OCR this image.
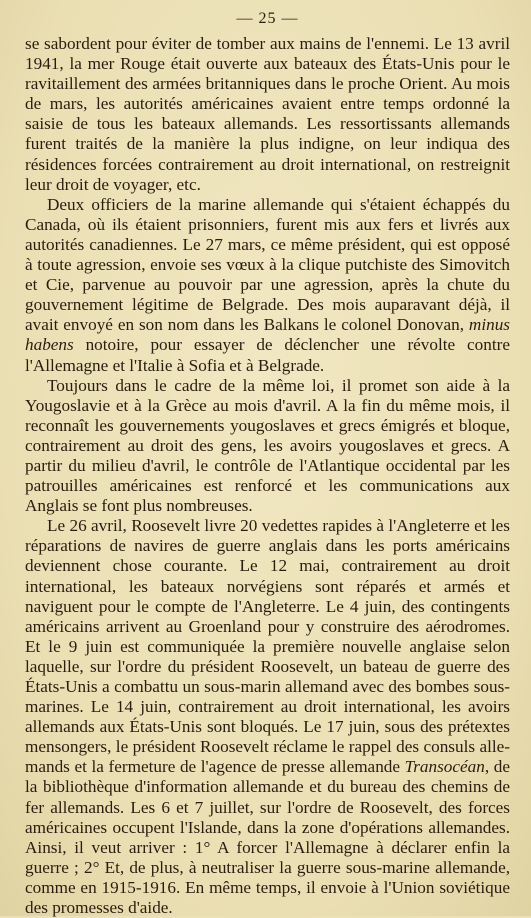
— 25 —

se sabordent pour éviter de tomber aux mains de l'ennemi. Le 13 avril 1941, la mer Rouge était ouverte aux bateaux des États-Unis pour le ravitaillement des armées britanniques dans le proche Orient. Au mois de mars, les autorités américaines avaient entre temps ordonné la saisie de tous les bateaux allemands. Les ressortissants allemands furent traités de la manière la plus indigne, on leur indiqua des résidences forcées contrairement au droit international, on restreignit leur droit de voyager, etc.

Deux officiers de la marine allemande qui s'étaient échappés du Canada, où ils étaient prisonniers, furent mis aux fers et livrés aux autorités canadiennes. Le 27 mars, ce même président, qui est opposé à toute agression, envoie ses vœux à la clique putchiste des Simovitch et Cie, parvenue au pouvoir par une agression, après la chute du gouvernement légitime de Belgrade. Des mois auparavant déjà, il avait envoyé en son nom dans les Balkans le colonel Donovan, minus habens notoire, pour essayer de déclencher une révolte contre l'Allemagne et l'Italie à Sofia et à Belgrade.

Toujours dans le cadre de la même loi, il promet son aide à la Yougoslavie et à la Grèce au mois d'avril. A la fin du même mois, il reconnaît les gouvernements yougoslaves et grecs émigrés et bloque, contrairement au droit des gens, les avoirs yougoslaves et grecs. A partir du milieu d'avril, le contrôle de l'Atlantique occidental par les patrouilles américaines est renforcé et les communications aux Anglais se font plus nombreuses.

Le 26 avril, Roosevelt livre 20 vedettes rapides à l'Angleterre et les réparations de navires de guerre anglais dans les ports américains deviennent chose courante. Le 12 mai, contrairement au droit international, les bateaux norvégiens sont réparés et armés et naviguent pour le compte de l'Angleterre. Le 4 juin, des contingents américains arrivent au Groenland pour y construire des aérodromes. Et le 9 juin est communiquée la première nouvelle anglaise selon laquelle, sur l'ordre du président Roosevelt, un bateau de guerre des États-Unis a combattu un sous-marin allemand avec des bombes sous-marines. Le 14 juin, contrairement au droit international, les avoirs allemands aux États-Unis sont bloqués. Le 17 juin, sous des prétextes mensongers, le président Roosevelt réclame le rappel des consuls allemands et la fermeture de l'agence de presse allemande Transocéan, de la bibliothèque d'information allemande et du bureau des chemins de fer allemands. Les 6 et 7 juillet, sur l'ordre de Roosevelt, des forces américaines occupent l'Islande, dans la zone d'opérations allemandes. Ainsi, il veut arriver : 1° A forcer l'Allemagne à déclarer enfin la guerre ; 2° Et, de plus, à neutraliser la guerre sous-marine allemande, comme en 1915-1916. En même temps, il envoie à l'Union soviétique des promesses d'aide.
